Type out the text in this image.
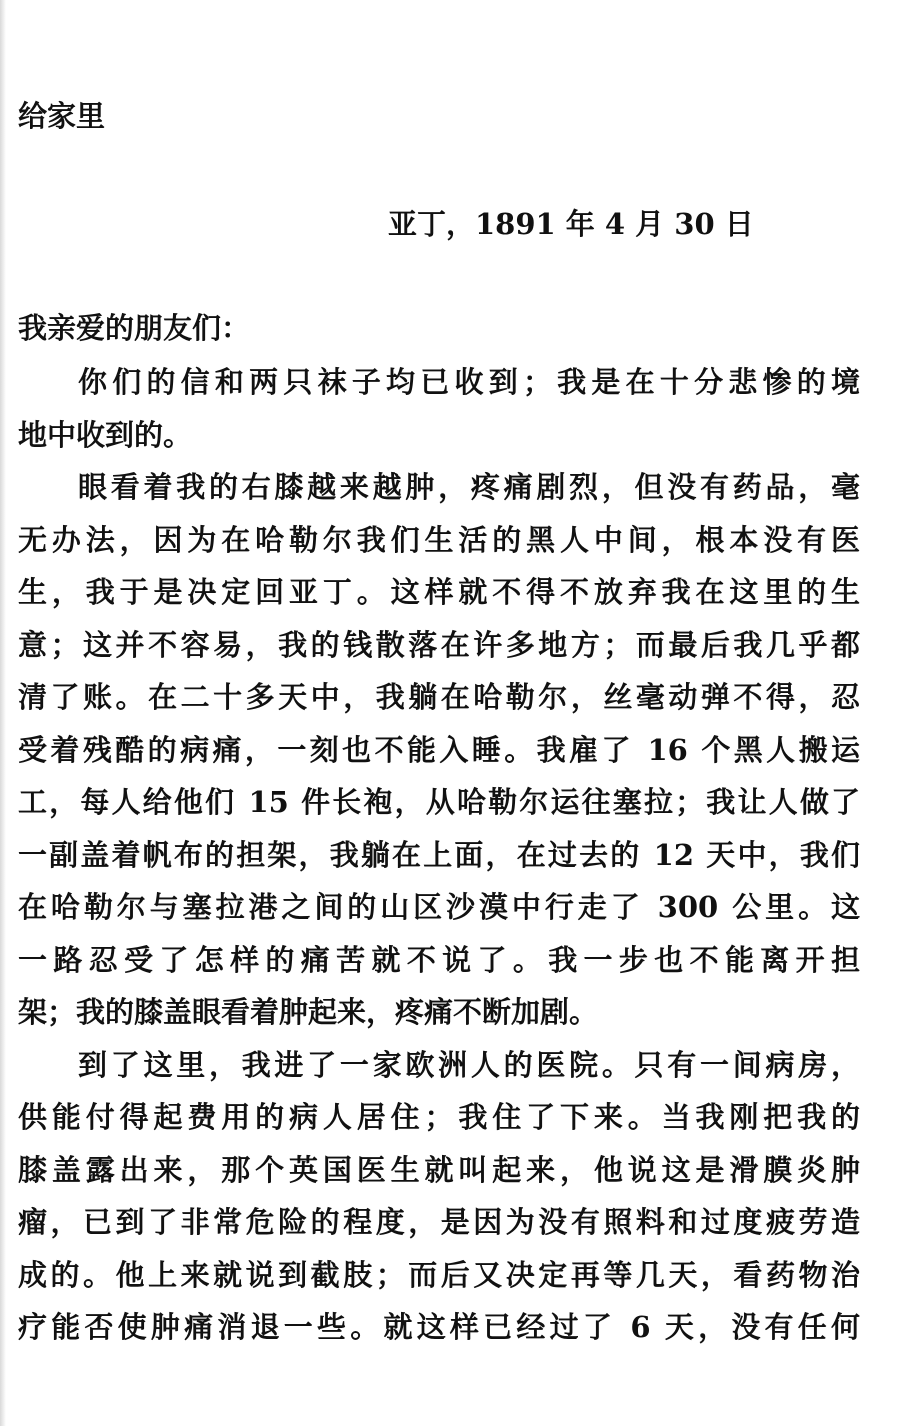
给家里
亚丁，1891 年 4 月 30 日
我亲爱的朋友们：
你们的信和两只袜子均已收到；我是在十分悲惨的境
地中收到的。
眼看着我的右膝越来越肿，疼痛剧烈，但没有药品，毫
无办法，因为在哈勒尔我们生活的黑人中间，根本没有医
生，我于是决定回亚丁。这样就不得不放弃我在这里的生
意；这并不容易，我的钱散落在许多地方；而最后我几乎都
清了账。在二十多天中，我躺在哈勒尔，丝毫动弹不得，忍
受着残酷的病痛，一刻也不能入睡。我雇了 16 个黑人搬运
工，每人给他们 15 件长袍，从哈勒尔运往塞拉；我让人做了
一副盖着帆布的担架，我躺在上面，在过去的 12 天中，我们
在哈勒尔与塞拉港之间的山区沙漠中行走了 300 公里。这
一路忍受了怎样的痛苦就不说了。我一步也不能离开担
架；我的膝盖眼看着肿起来，疼痛不断加剧。
到了这里，我进了一家欧洲人的医院。只有一间病房，
供能付得起费用的病人居住；我住了下来。当我刚把我的
膝盖露出来，那个英国医生就叫起来，他说这是滑膜炎肿
瘤，已到了非常危险的程度，是因为没有照料和过度疲劳造
成的。他上来就说到截肢；而后又决定再等几天，看药物治
疗能否使肿痛消退一些。就这样已经过了 6 天，没有任何
